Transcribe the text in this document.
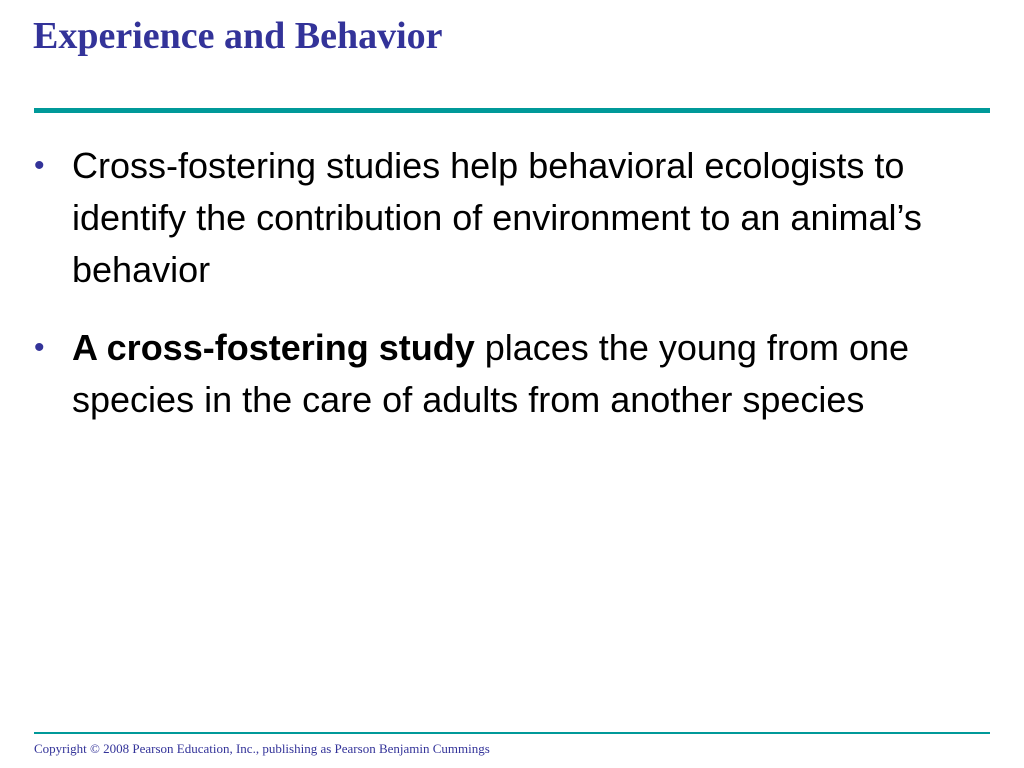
Experience and Behavior
• Cross-fostering studies help behavioral ecologists to identify the contribution of environment to an animal’s behavior
• A cross-fostering study places the young from one species in the care of adults from another species
Copyright © 2008 Pearson Education, Inc., publishing as Pearson Benjamin Cummings
